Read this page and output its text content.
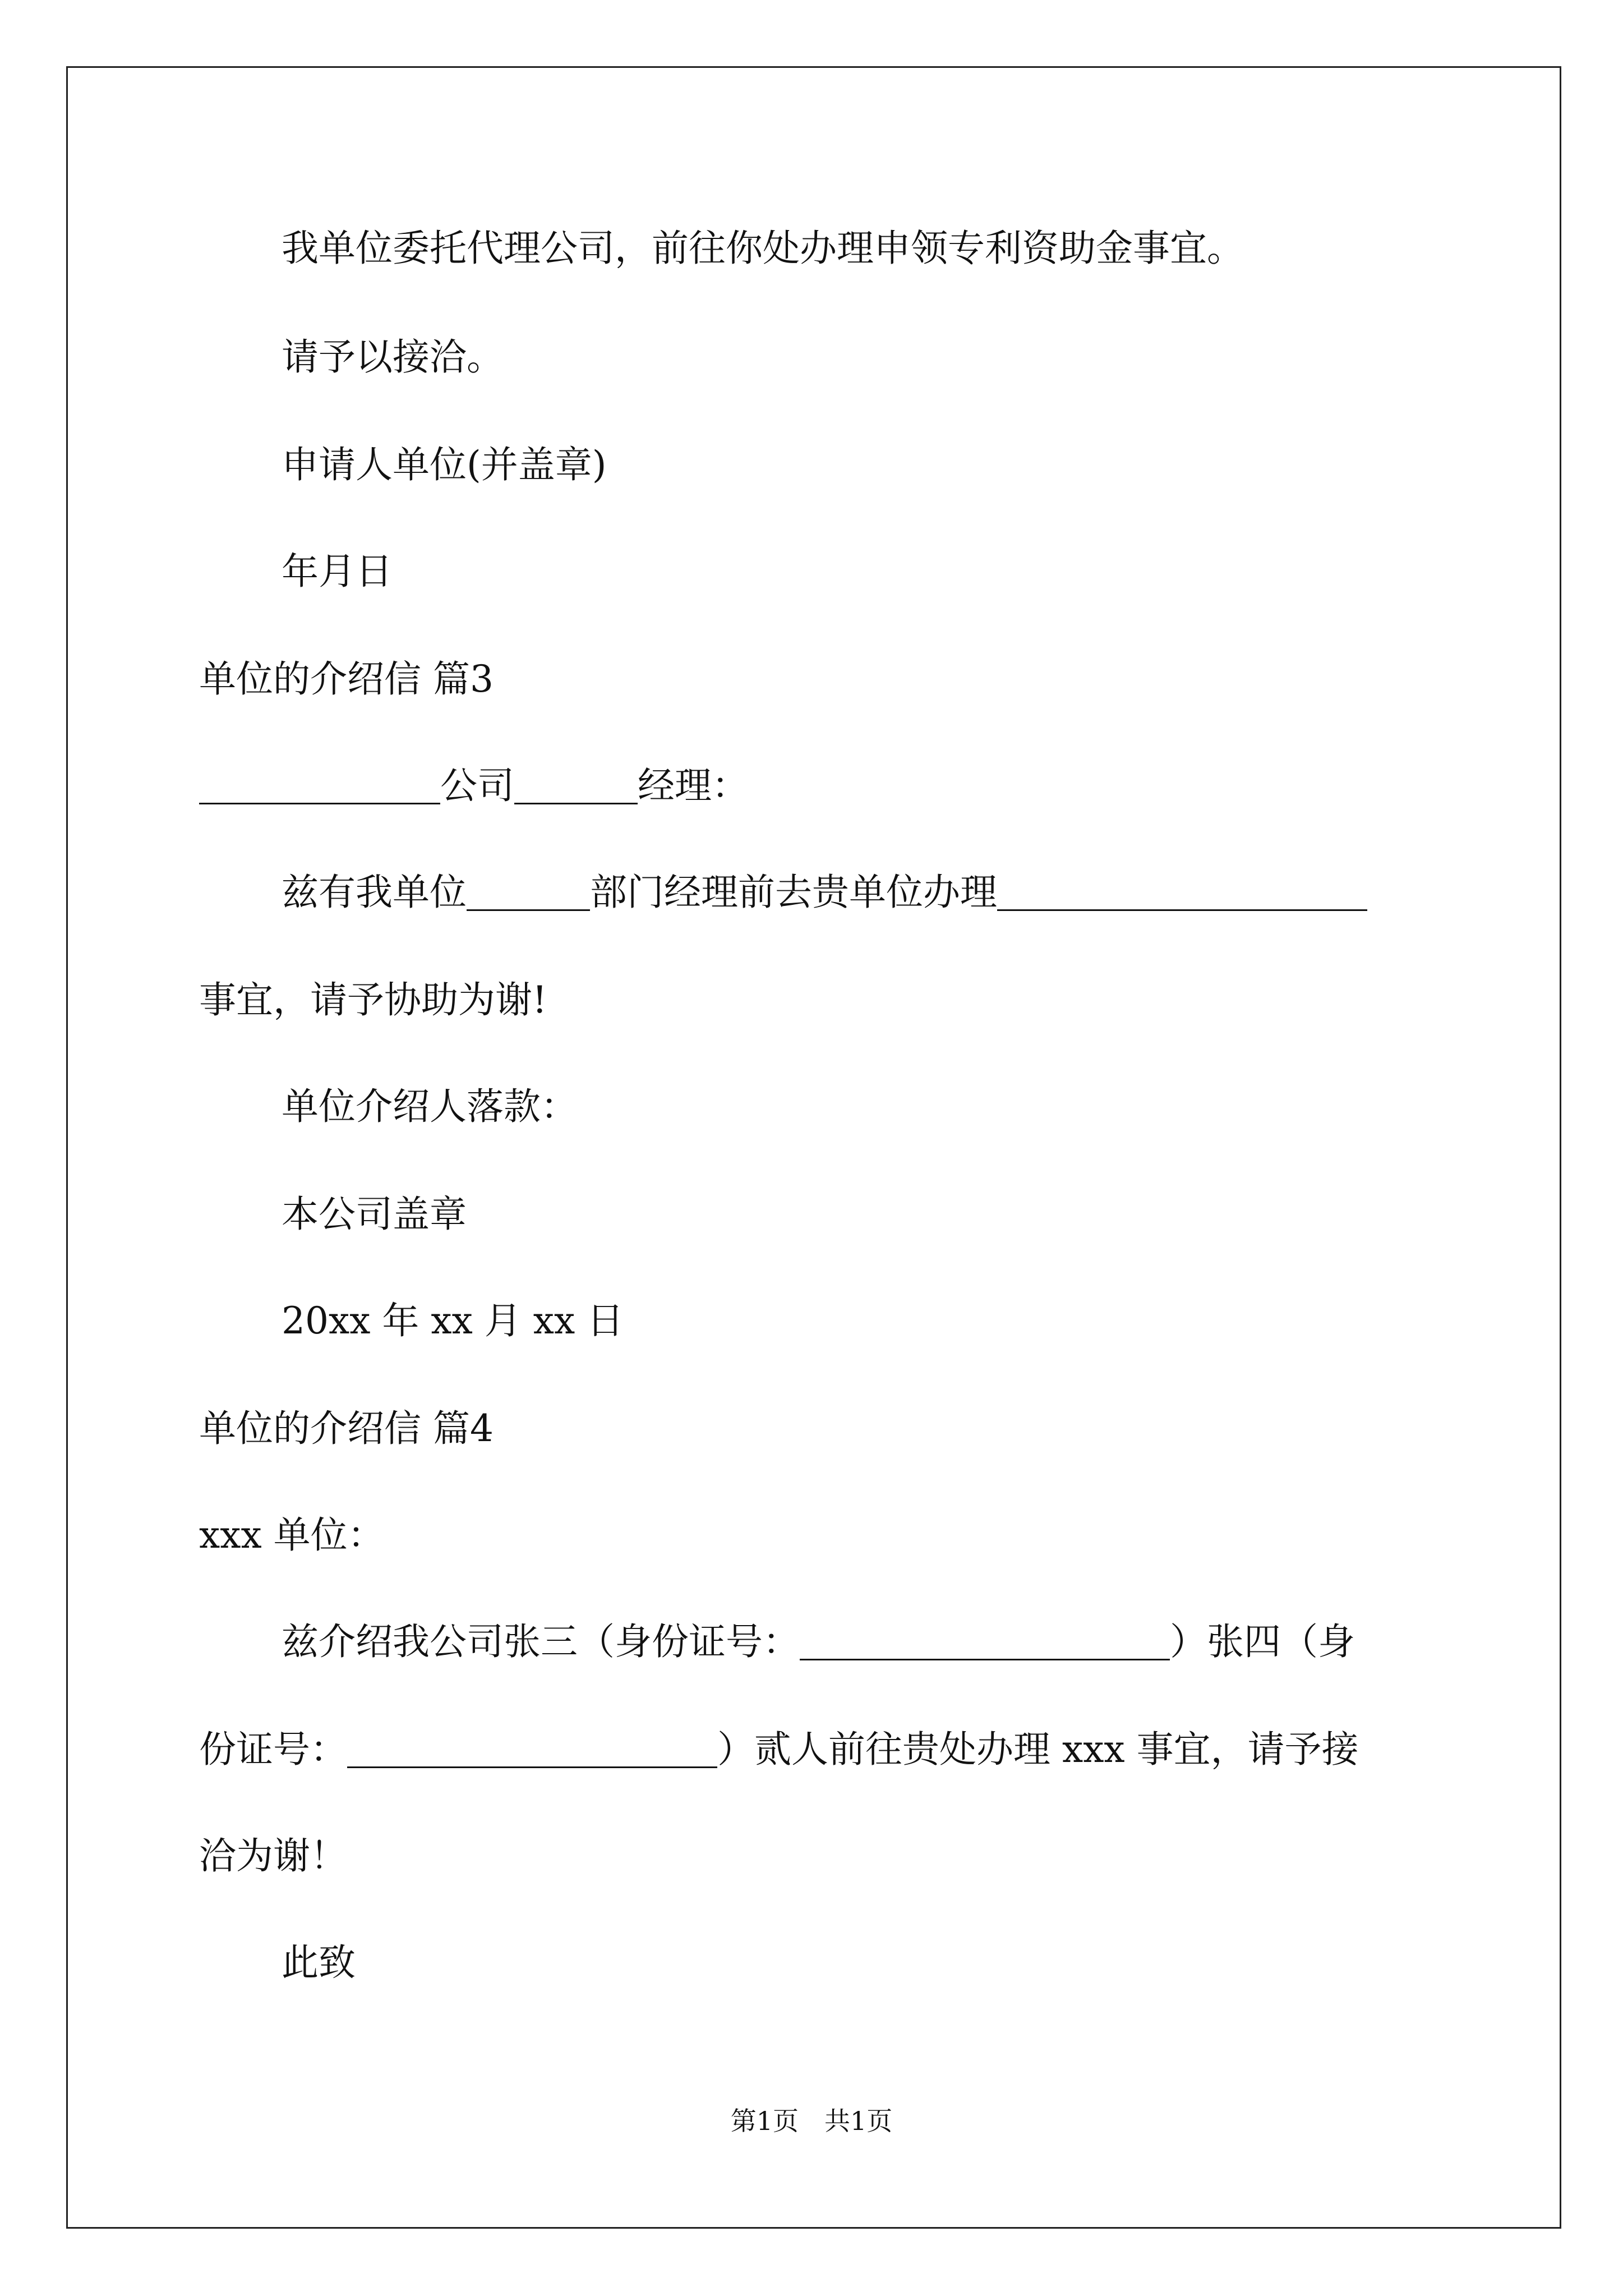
我单位委托代理公司，前往你处办理申领专利资助金事宜。
请予以接洽。
申请人单位(并盖章)
年月日
单位的介绍信 篇3
公司	经理：
兹有我单位	部门经理前去贵单位办理
事宜，请予协助为谢!
单位介绍人落款：
本公司盖章
20xx 年 xx 月 xx 日
单位的介绍信 篇4
xxx 单位：
兹介绍我公司张三（身份证号：	）张四（身
份证号：	）贰人前往贵处办理 xxx 事宜，请予接
洽为谢！
此致
第1页　共1页
